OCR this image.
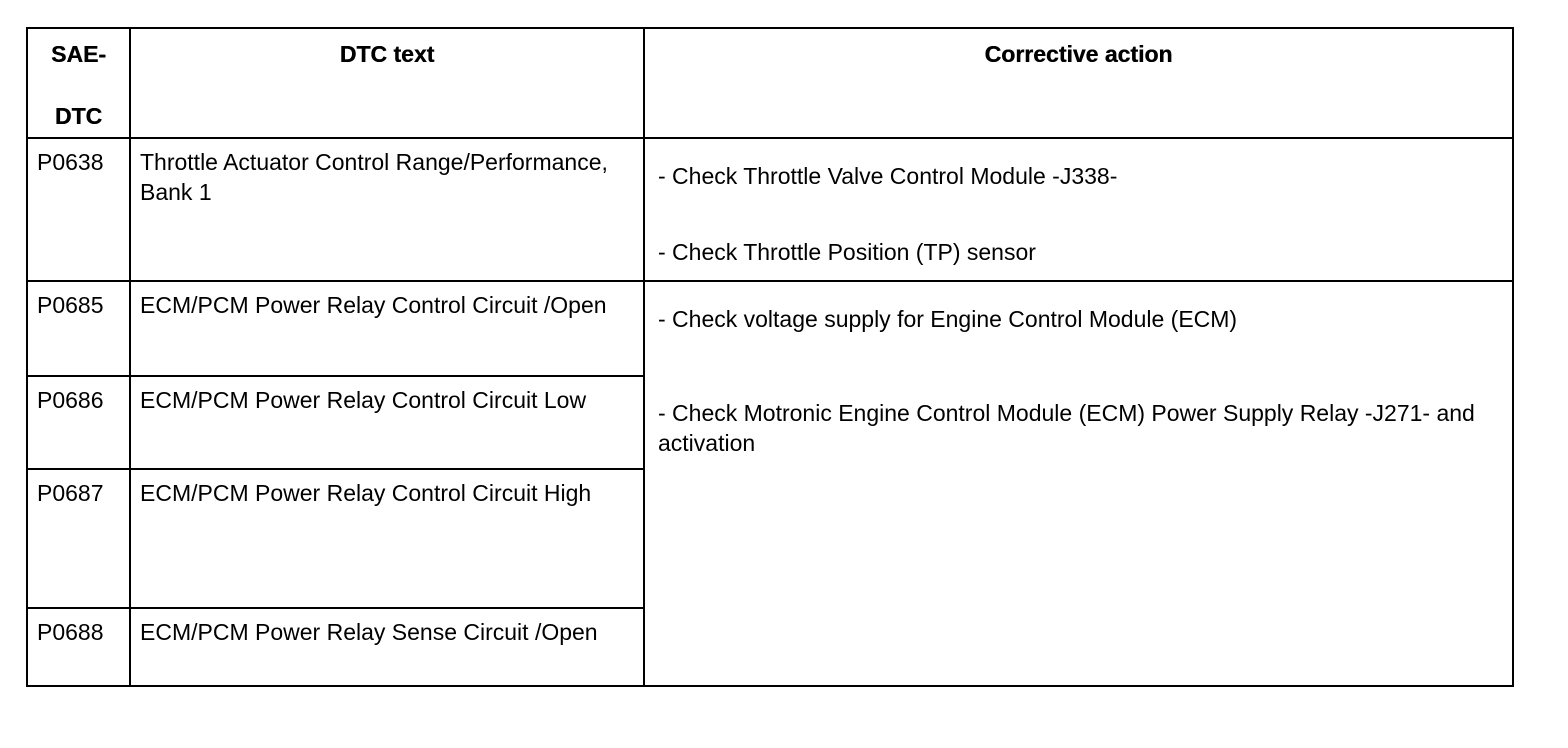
SAE-
DTC	DTC text	Corrective action

P0638	Throttle Actuator Control Range/Performance, Bank 1	- Check Throttle Valve Control Module -J338-
- Check Throttle Position (TP) sensor

P0685	ECM/PCM Power Relay Control Circuit /Open	- Check voltage supply for Engine Control Module (ECM)
- Check Motronic Engine Control Module (ECM) Power Supply Relay -J271- and activation

P0686	ECM/PCM Power Relay Control Circuit Low	
P0687	ECM/PCM Power Relay Control Circuit High	
P0688	ECM/PCM Power Relay Sense Circuit /Open	
